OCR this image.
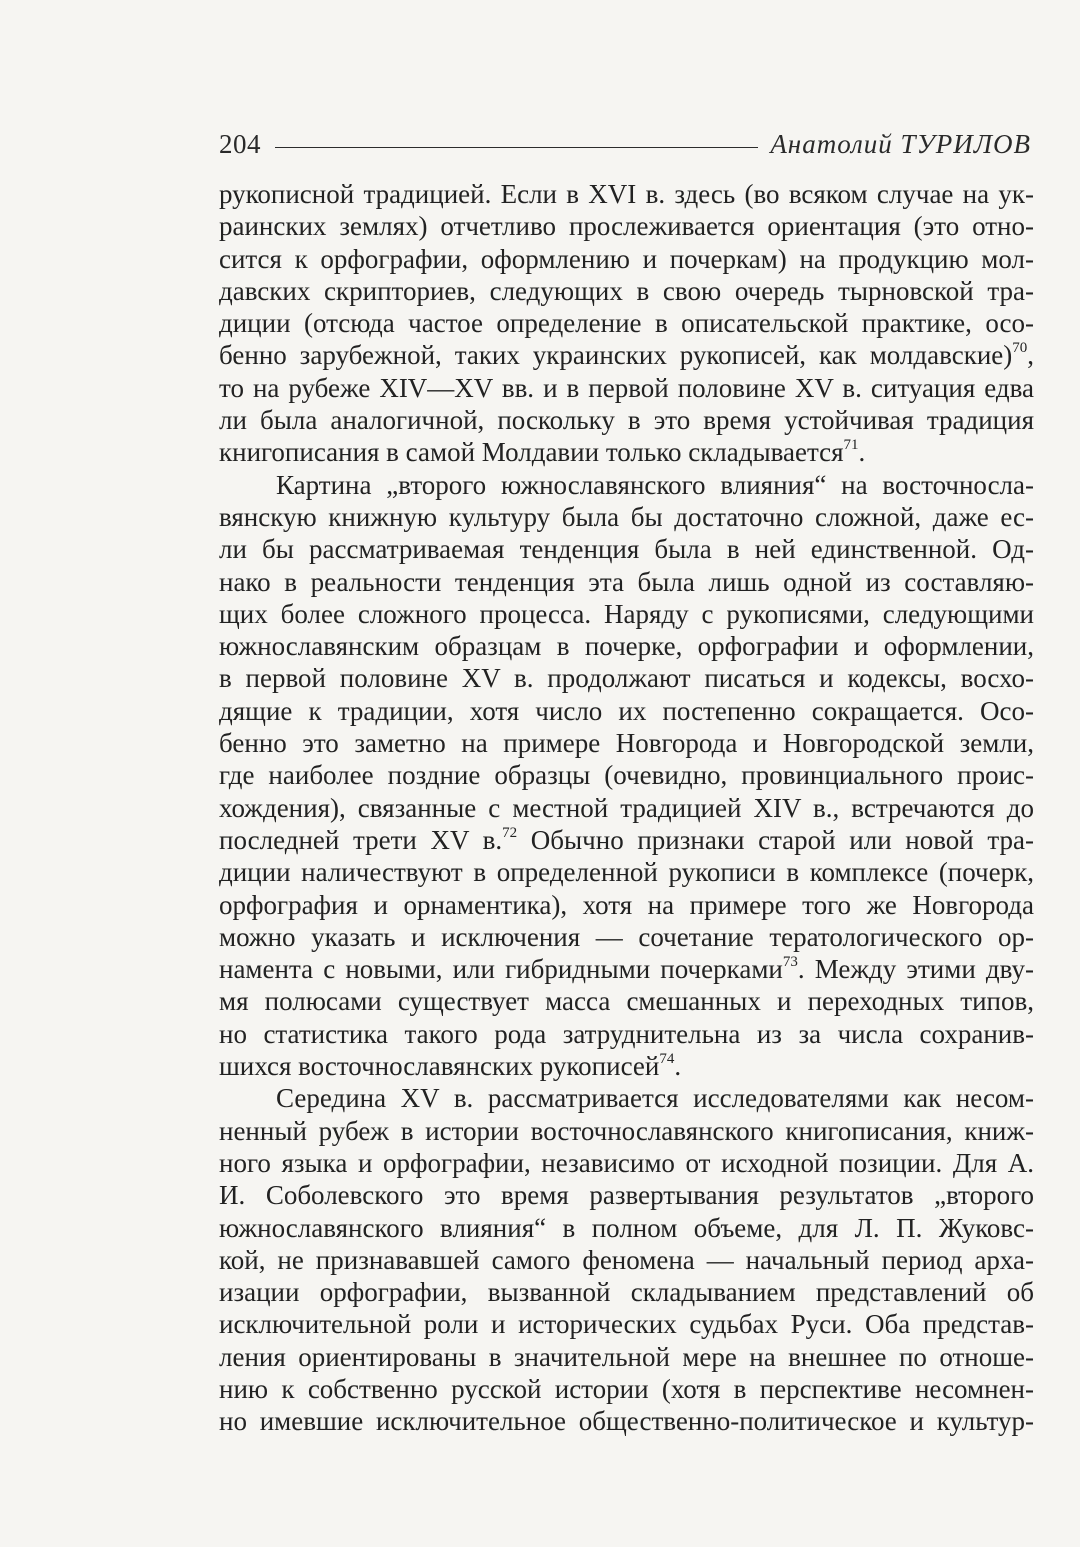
204	Анатолий ТУРИЛОВ

рукописной традицией. Если в XVI в. здесь (во всяком случае на ук-
раинских землях) отчетливо прослеживается ориентация (это отно-
сится к орфографии, оформлению и почеркам) на продукцию мол-
давских скрипториев, следующих в свою очередь тырновской тра-
диции (отсюда частое определение в описательской практике, осо-
бенно зарубежной, таких украинских рукописей, как молдавские)$^{70}$,
то на рубеже XIV—XV вв. и в первой половине XV в. ситуация едва
ли была аналогичной, поскольку в это время устойчивая традиция
книгописания в самой Молдавии только складывается$^{71}$.

Картина „второго южнославянского влияния“ на восточносла-
вянскую книжную культуру была бы достаточно сложной, даже ес-
ли бы рассматриваемая тенденция была в ней единственной. Од-
нако в реальности тенденция эта была лишь одной из составляю-
щих более сложного процесса. Наряду с рукописями, следующими
южнославянским образцам в почерке, орфографии и оформлении,
в первой половине XV в. продолжают писаться и кодексы, восхо-
дящие к традиции, хотя число их постепенно сокращается. Осо-
бенно это заметно на примере Новгорода и Новгородской земли,
где наиболее поздние образцы (очевидно, провинциального проис-
хождения), связанные с местной традицией XIV в., встречаются до
последней трети XV в.$^{72}$ Обычно признаки старой или новой тра-
диции наличествуют в определенной рукописи в комплексе (почерк,
орфография и орнаментика), хотя на примере того же Новгорода
можно указать и исключения — сочетание тератологического ор-
намента с новыми, или гибридными почерками$^{73}$. Между этими дву-
мя полюсами существует масса смешанных и переходных типов,
но статистика такого рода затруднительна из за числа сохранив-
шихся восточнославянских рукописей$^{74}$.

Середина XV в. рассматривается исследователями как несом-
ненный рубеж в истории восточнославянского книгописания, книж-
ного языка и орфографии, независимо от исходной позиции. Для А.
И. Соболевского это время развертывания результатов „второго
южнославянского влияния“ в полном объеме, для Л. П. Жуковс-
кой, не признававшей самого феномена — начальный период арха-
изации орфографии, вызванной складыванием представлений об
исключительной роли и исторических судьбах Руси. Оба представ-
ления ориентированы в значительной мере на внешнее по отноше-
нию к собственно русской истории (хотя в перспективе несомнен-
но имевшие исключительное общественно-политическое и культур-
